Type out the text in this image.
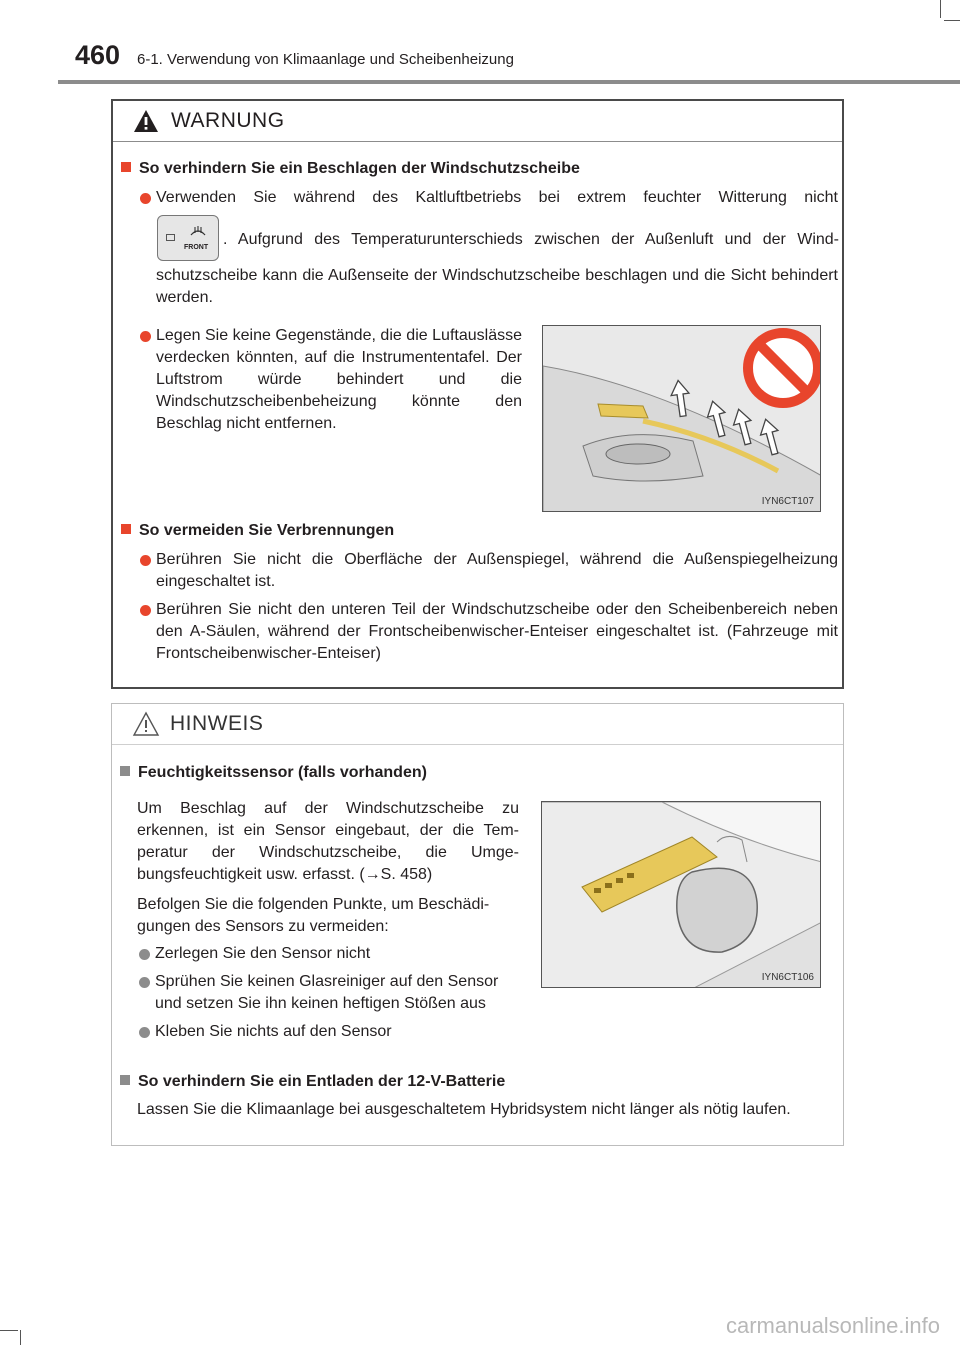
460 6-1. Verwendung von Klimaanlage und Scheibenheizung
WARNUNG
So verhindern Sie ein Beschlagen der Windschutzscheibe
Verwenden Sie während des Kaltluftbetriebs bei extrem feuchter Witterung nicht
FRONT . Aufgrund des Temperaturunterschieds zwischen der Außenluft und der Wind-
schutzscheibe kann die Außenseite der Windschutzscheibe beschlagen und die Sicht behindert werden.
Legen Sie keine Gegenstände, die die Luftauslässe verdecken könnten, auf die Instrumententafel. Der Luftstrom würde behindert und die Windschutzscheibenbeheizung könnte den Beschlag nicht entfernen.
IYN6CT107
So vermeiden Sie Verbrennungen
Berühren Sie nicht die Oberfläche der Außenspiegel, während die Außenspiegelheizung eingeschaltet ist.
Berühren Sie nicht den unteren Teil der Windschutzscheibe oder den Scheibenbereich neben den A-Säulen, während der Frontscheibenwischer-Enteiser eingeschaltet ist. (Fahrzeuge mit Frontscheibenwischer-Enteiser)
HINWEIS
Feuchtigkeitssensor (falls vorhanden)
Um Beschlag auf der Windschutzscheibe zu erkennen, ist ein Sensor eingebaut, der die Temperatur der Windschutzscheibe, die Umgebungsfeuchtigkeit usw. erfasst. (→S. 458)
Befolgen Sie die folgenden Punkte, um Beschädigungen des Sensors zu vermeiden:
Zerlegen Sie den Sensor nicht
Sprühen Sie keinen Glasreiniger auf den Sensor und setzen Sie ihn keinen heftigen Stößen aus
Kleben Sie nichts auf den Sensor
IYN6CT106
So verhindern Sie ein Entladen der 12-V-Batterie
Lassen Sie die Klimaanlage bei ausgeschaltetem Hybridsystem nicht länger als nötig laufen.
carmanualsonline.info
